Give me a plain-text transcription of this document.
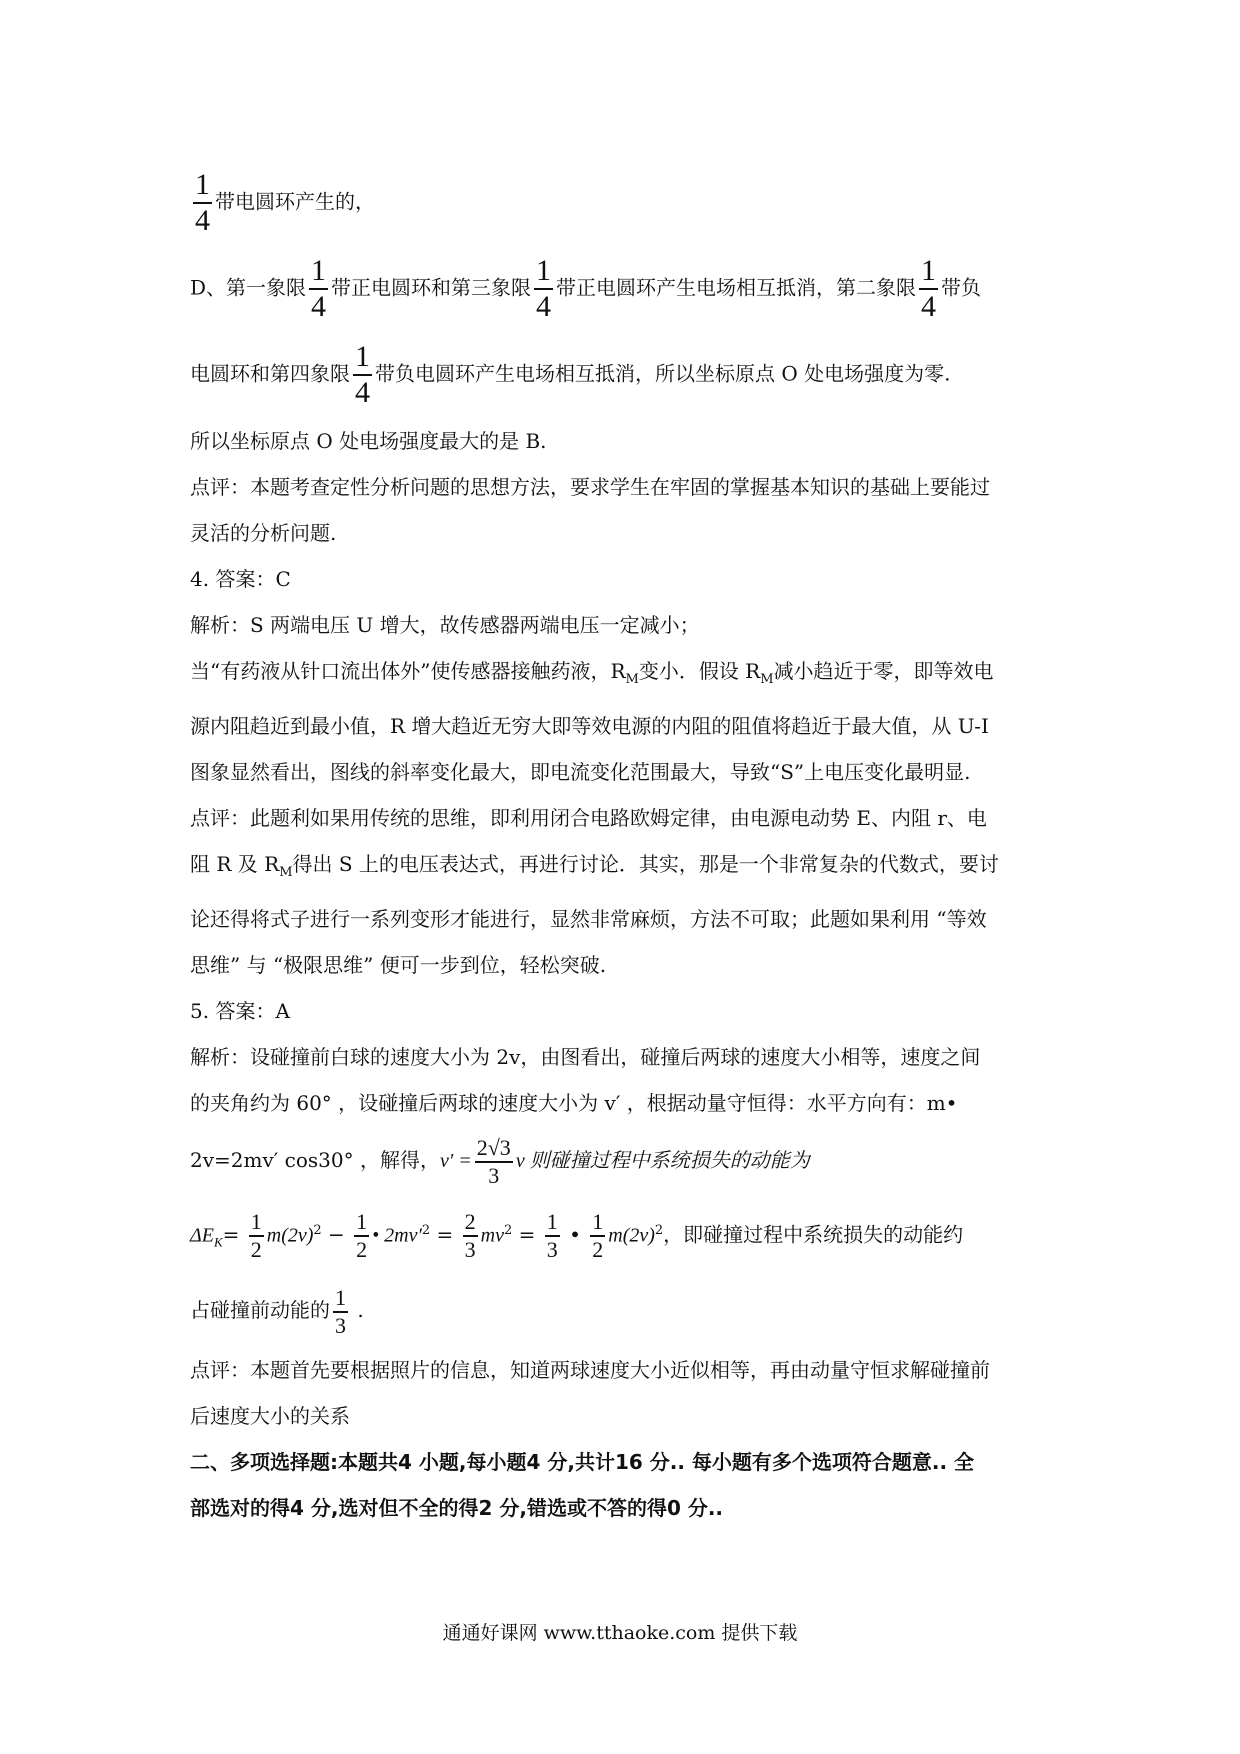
$\frac{1}{4}$ 带电圆环产生的，
D、第一象限 $\frac{1}{4}$ 带正电圆环和第三象限 $\frac{1}{4}$ 带正电圆环产生电场相互抵消，第二象限 $\frac{1}{4}$ 带负
电圆环和第四象限 $\frac{1}{4}$ 带负电圆环产生电场相互抵消，所以坐标原点 O 处电场强度为零.
所以坐标原点 O 处电场强度最大的是 B.
点评：本题考查定性分析问题的思想方法，要求学生在牢固的掌握基本知识的基础上要能过
灵活的分析问题.
4. 答案：C
解析：S 两端电压 U 增大，故传感器两端电压一定减小；
当“有药液从针口流出体外”使传感器接触药液，$R_M$变小．假设 $R_M$减小趋近于零，即等效电
源内阻趋近到最小值，R 增大趋近无穷大即等效电源的内阻的阻值将趋近于最大值，从 U-I
图象显然看出，图线的斜率变化最大，即电流变化范围最大，导致“S”上电压变化最明显.
点评：此题利如果用传统的思维，即利用闭合电路欧姆定律，由电源电动势 E、内阻 r、电
阻 R 及 $R_M$得出 S 上的电压表达式，再进行讨论．其实，那是一个非常复杂的代数式，要讨
论还得将式子进行一系列变形才能进行，显然非常麻烦，方法不可取；此题如果利用 “等效
思维” 与 “极限思维” 便可一步到位，轻松突破.
5. 答案：A
解析：设碰撞前白球的速度大小为 2v，由图看出，碰撞后两球的速度大小相等，速度之间
的夹角约为 60° ，设碰撞后两球的速度大小为 v′ ，根据动量守恒得：水平方向有：m•
2v=2mv′ cos30° ，解得，$v' = \frac{2√3}{3}$ v 则碰撞过程中系统损失的动能为
$\Delta E_K= \frac{1}{2} m(2v)^2 - \frac{1}{2}$ • $2mv'^2 = \frac{2}{3} mv^2 = \frac{1}{3}$ • $\frac{1}{2} m(2v)^2$，即碰撞过程中系统损失的动能约
占碰撞前动能的 $\frac{1}{3}$ .
点评：本题首先要根据照片的信息，知道两球速度大小近似相等，再由动量守恒求解碰撞前
后速度大小的关系
二、多项选择题:本题共4 小题,每小题4 分,共计16 分.. 每小题有多个选项符合题意.. 全
部选对的得4 分,选对但不全的得2 分,错选或不答的得0 分..
通通好课网 www.tthaoke.com 提供下载
